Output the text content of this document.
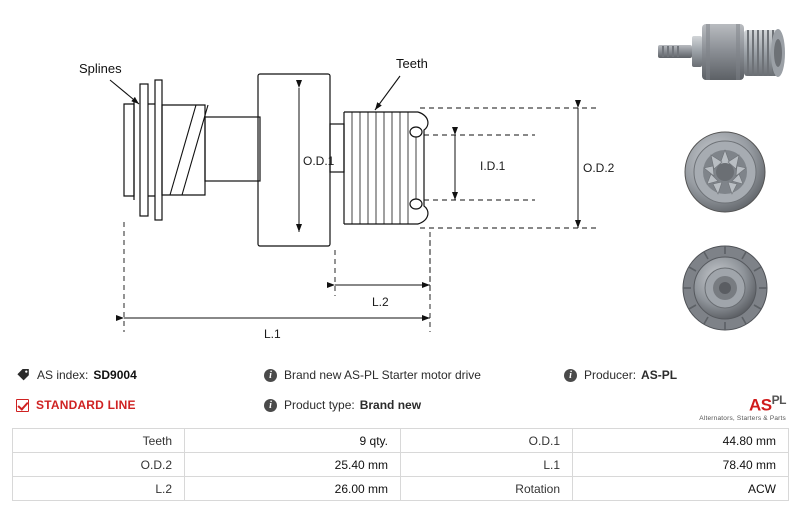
Splines	Teeth
O.D.1	I.D.1	O.D.2
L.1
L.2
AS index: SD9004	i	Brand new AS-PL Starter motor drive	i	Producer: AS-PL
STANDARD LINE	i	Product type: Brand new	$AS^{PL}$
Alternators, Starters & Parts
Teeth	9 qty.	O.D.1	44.80 mm
O.D.2	25.40 mm	L.1	78.40 mm
L.2	26.00 mm	Rotation	ACW
